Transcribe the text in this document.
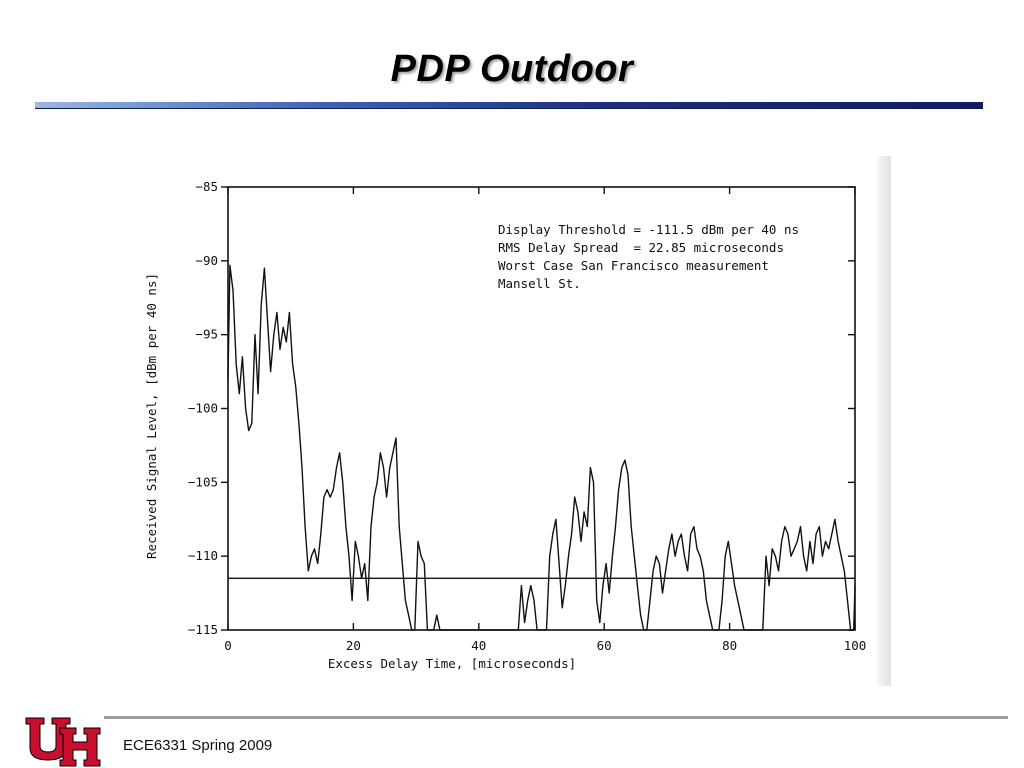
PDP Outdoor
0	20	40	60	80	100
−85
−90
−95
−100
−105
−110
−115
Excess Delay Time, [microseconds]
Received Signal Level, [dBm per 40 ns]
Display Threshold = -111.5 dBm per 40 ns
RMS Delay Spread  = 22.85 microseconds
Worst Case San Francisco measurement
Mansell St.
ECE6331 Spring 2009
